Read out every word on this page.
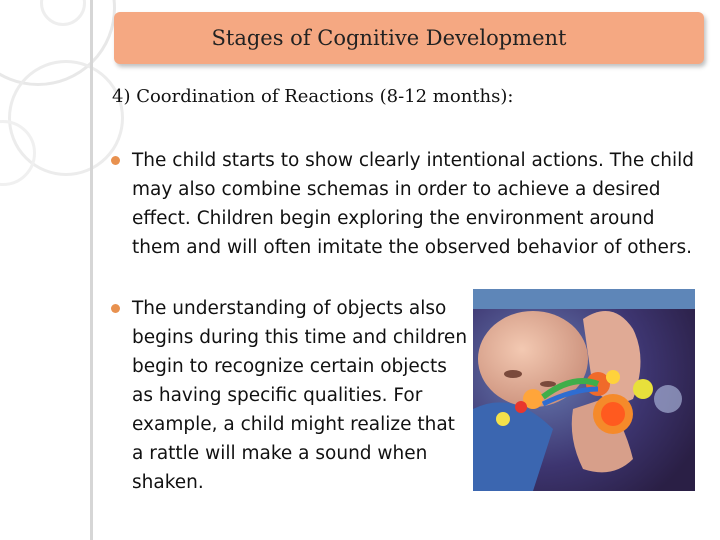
Stages of Cognitive Development
4) Coordination of Reactions (8-12 months):
The child starts to show clearly intentional actions. The child may also combine schemas in order to achieve a desired effect. Children begin exploring the environment around them and will often imitate the observed behavior of others.
The understanding of objects also begins during this time and children begin to recognize certain objects as having specific qualities. For example, a child might realize that a rattle will make a sound when shaken.
